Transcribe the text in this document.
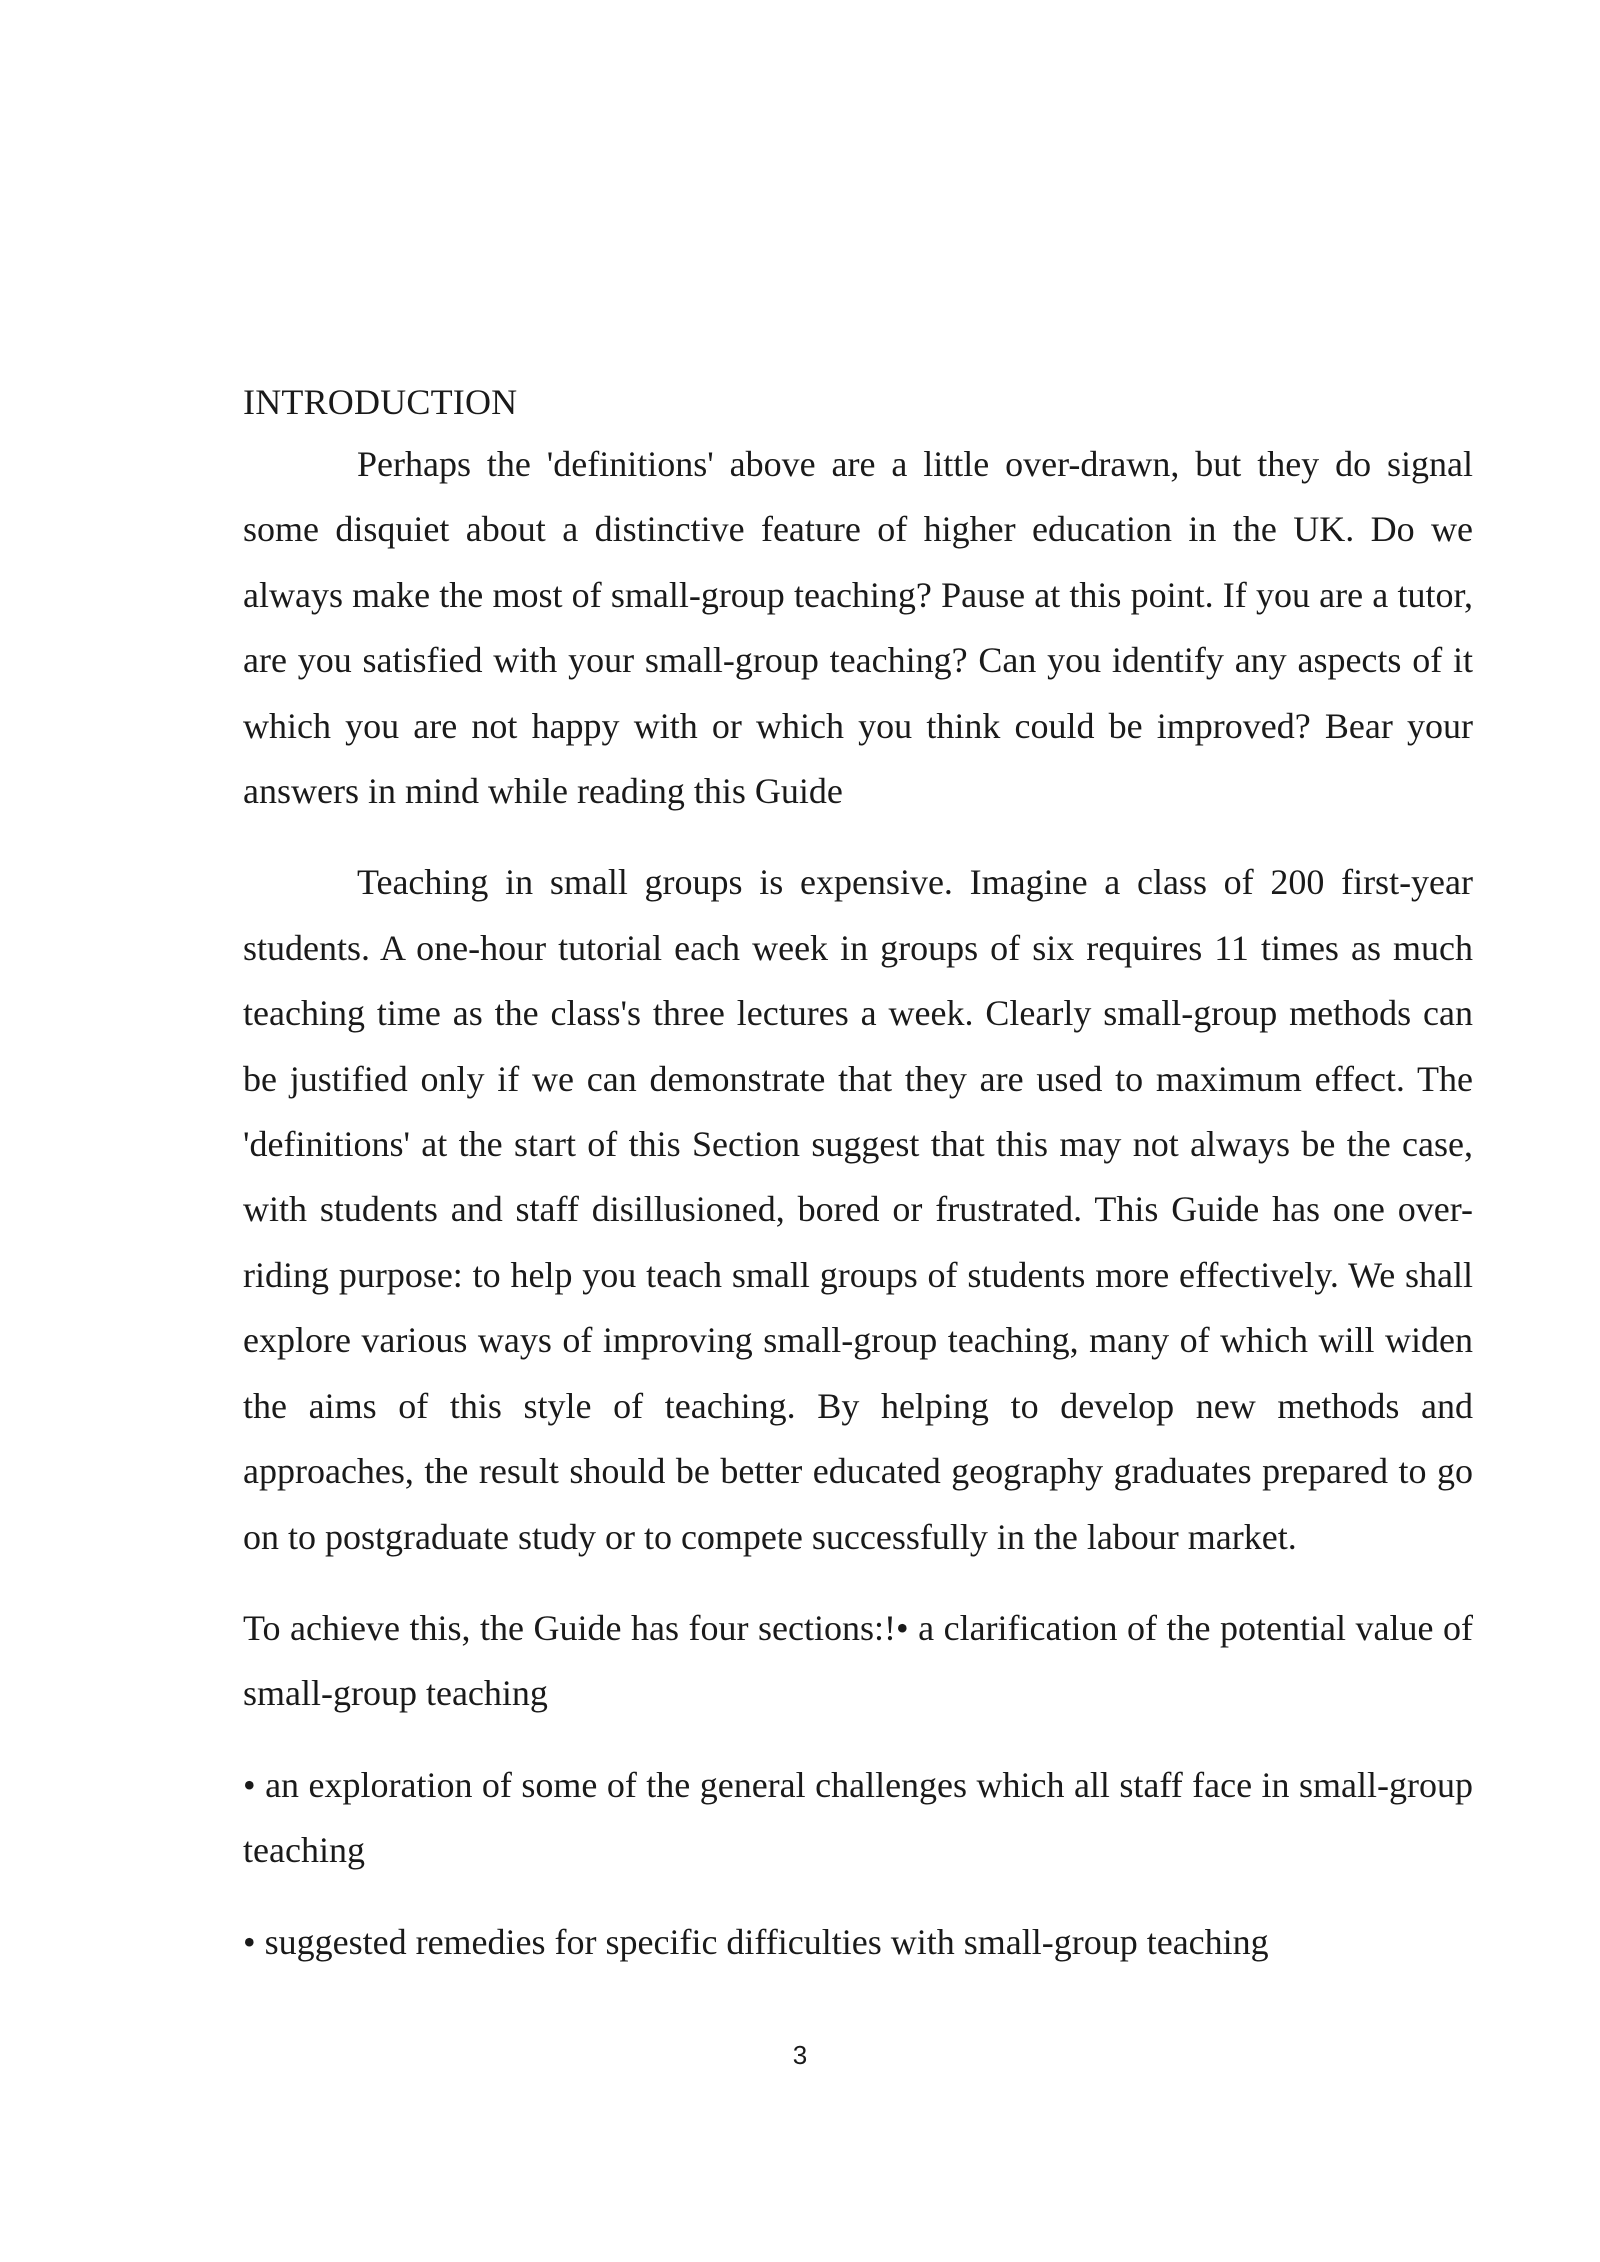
INTRODUCTION

Perhaps the 'definitions' above are a little over-drawn, but they do signal some disquiet about a distinctive feature of higher education in the UK. Do we always make the most of small-group teaching? Pause at this point. If you are a tutor, are you satisfied with your small-group teaching? Can you identify any aspects of it which you are not happy with or which you think could be improved? Bear your answers in mind while reading this Guide

Teaching in small groups is expensive. Imagine a class of 200 first-year students. A one-hour tutorial each week in groups of six requires 11 times as much teaching time as the class's three lectures a week. Clearly small-group methods can be justified only if we can demonstrate that they are used to maximum effect. The 'definitions' at the start of this Section suggest that this may not always be the case, with students and staff disillusioned, bored or frustrated. This Guide has one over-riding purpose: to help you teach small groups of students more effectively. We shall explore various ways of improving small-group teaching, many of which will widen the aims of this style of teaching. By helping to develop new methods and approaches, the result should be better educated geography graduates prepared to go on to postgraduate study or to compete successfully in the labour market.

To achieve this, the Guide has four sections:!• a clarification of the potential value of small-group teaching

• an exploration of some of the general challenges which all staff face in small-group teaching

• suggested remedies for specific difficulties with small-group teaching

3
